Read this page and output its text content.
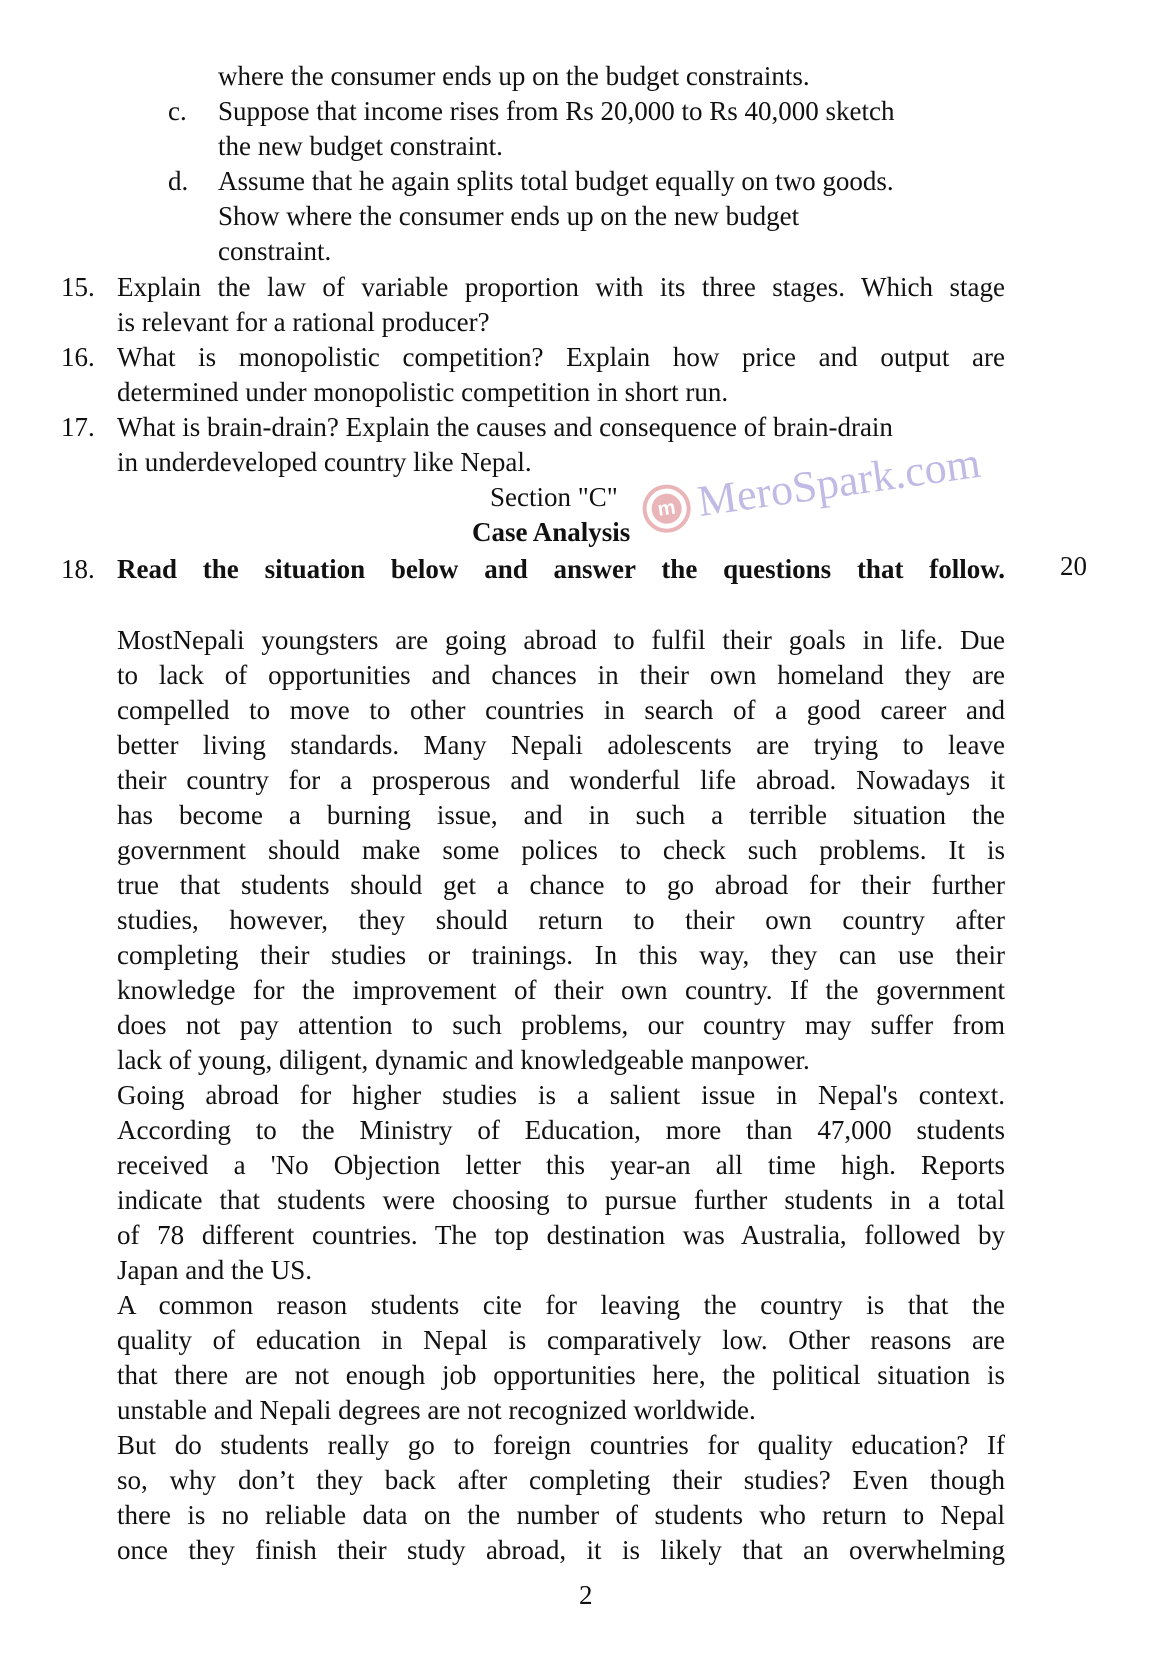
where the consumer ends up on the budget constraints.
c. Suppose that income rises from Rs 20,000 to Rs 40,000 sketch
the new budget constraint.
d. Assume that he again splits total budget equally on two goods.
Show where the consumer ends up on the new budget
constraint.
15. Explain the law of variable proportion with its three stages. Which stage
is relevant for a rational producer?
16. What is monopolistic competition? Explain how price and output are
determined under monopolistic competition in short run.
17. What is brain-drain? Explain the causes and consequence of brain-drain
in underdeveloped country like Nepal.
Section "C"
Case Analysis
m MeroSpark.com
18. Read the situation below and answer the questions that follow. 20
MostNepali youngsters are going abroad to fulfil their goals in life. Due
to lack of opportunities and chances in their own homeland they are
compelled to move to other countries in search of a good career and
better living standards. Many Nepali adolescents are trying to leave
their country for a prosperous and wonderful life abroad. Nowadays it
has become a burning issue, and in such a terrible situation the
government should make some polices to check such problems. It is
true that students should get a chance to go abroad for their further
studies, however, they should return to their own country after
completing their studies or trainings. In this way, they can use their
knowledge for the improvement of their own country. If the government
does not pay attention to such problems, our country may suffer from
lack of young, diligent, dynamic and knowledgeable manpower.
Going abroad for higher studies is a salient issue in Nepal's context.
According to the Ministry of Education, more than 47,000 students
received a 'No Objection letter this year-an all time high. Reports
indicate that students were choosing to pursue further students in a total
of 78 different countries. The top destination was Australia, followed by
Japan and the US.
A common reason students cite for leaving the country is that the
quality of education in Nepal is comparatively low. Other reasons are
that there are not enough job opportunities here, the political situation is
unstable and Nepali degrees are not recognized worldwide.
But do students really go to foreign countries for quality education? If
so, why don’t they back after completing their studies? Even though
there is no reliable data on the number of students who return to Nepal
once they finish their study abroad, it is likely that an overwhelming
2
